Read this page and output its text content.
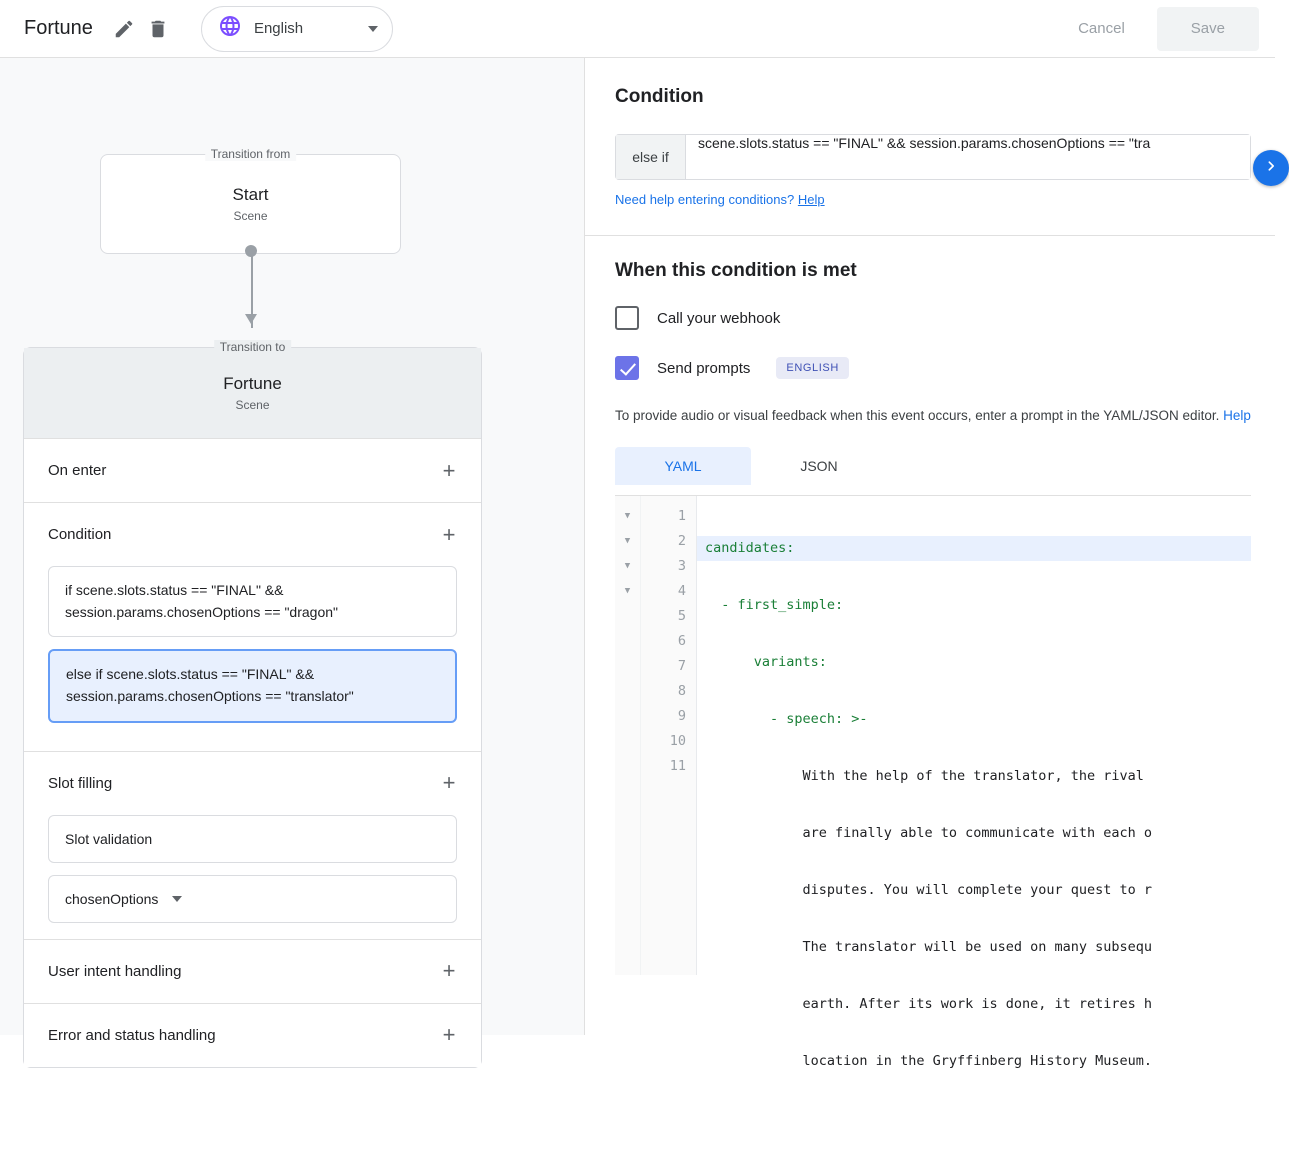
Fortune	English	Cancel	Save
Transition from
Start
Scene
Transition to
Fortune
Scene
On enter	+
Condition	+
if scene.slots.status == "FINAL" && session.params.chosenOptions == "dragon"
else if scene.slots.status == "FINAL" && session.params.chosenOptions == "translator"
Slot filling	+
Slot validation
chosenOptions
User intent handling	+
Error and status handling	+
Condition
else if
scene.slots.status == "FINAL" && session.params.chosenOptions == "tra
Need help entering conditions? Help
When this condition is met
Call your webhook
Send prompts	ENGLISH
To provide audio or visual feedback when this event occurs, enter a prompt in the YAML/JSON editor. Help
YAML	JSON
▼
▼
▼
▼
1
2
3
4
5
6
7
8
9
10
11

candidates:

- first_simple:

variants:

- speech: >-

With the help of the translator, the rival

are finally able to communicate with each o

disputes. You will complete your quest to r

The translator will be used on many subsequ

earth. After its work is done, it retires h

location in the Gryffinberg History Museum.
